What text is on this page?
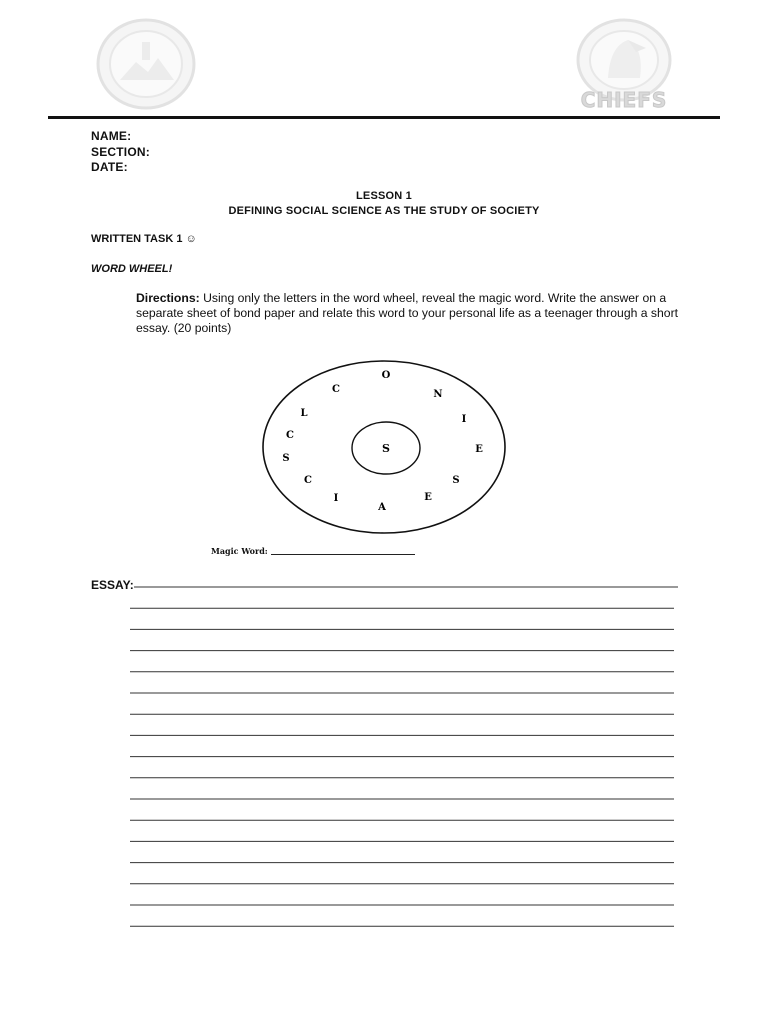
CHIEFS
NAME:
SECTION:
DATE:
LESSON 1
DEFINING SOCIAL SCIENCE AS THE STUDY OF SOCIETY
WRITTEN TASK 1 ☺
WORD WHEEL!
Directions: Using only the letters in the word wheel, reveal the magic word. Write the answer on a separate sheet of bond paper and relate this word to your personal life as a teenager through a short essay. (20 points)
S
O
N
I
E
S
E
A
I
C
S
C
L
C
Magic Word:
ESSAY:
